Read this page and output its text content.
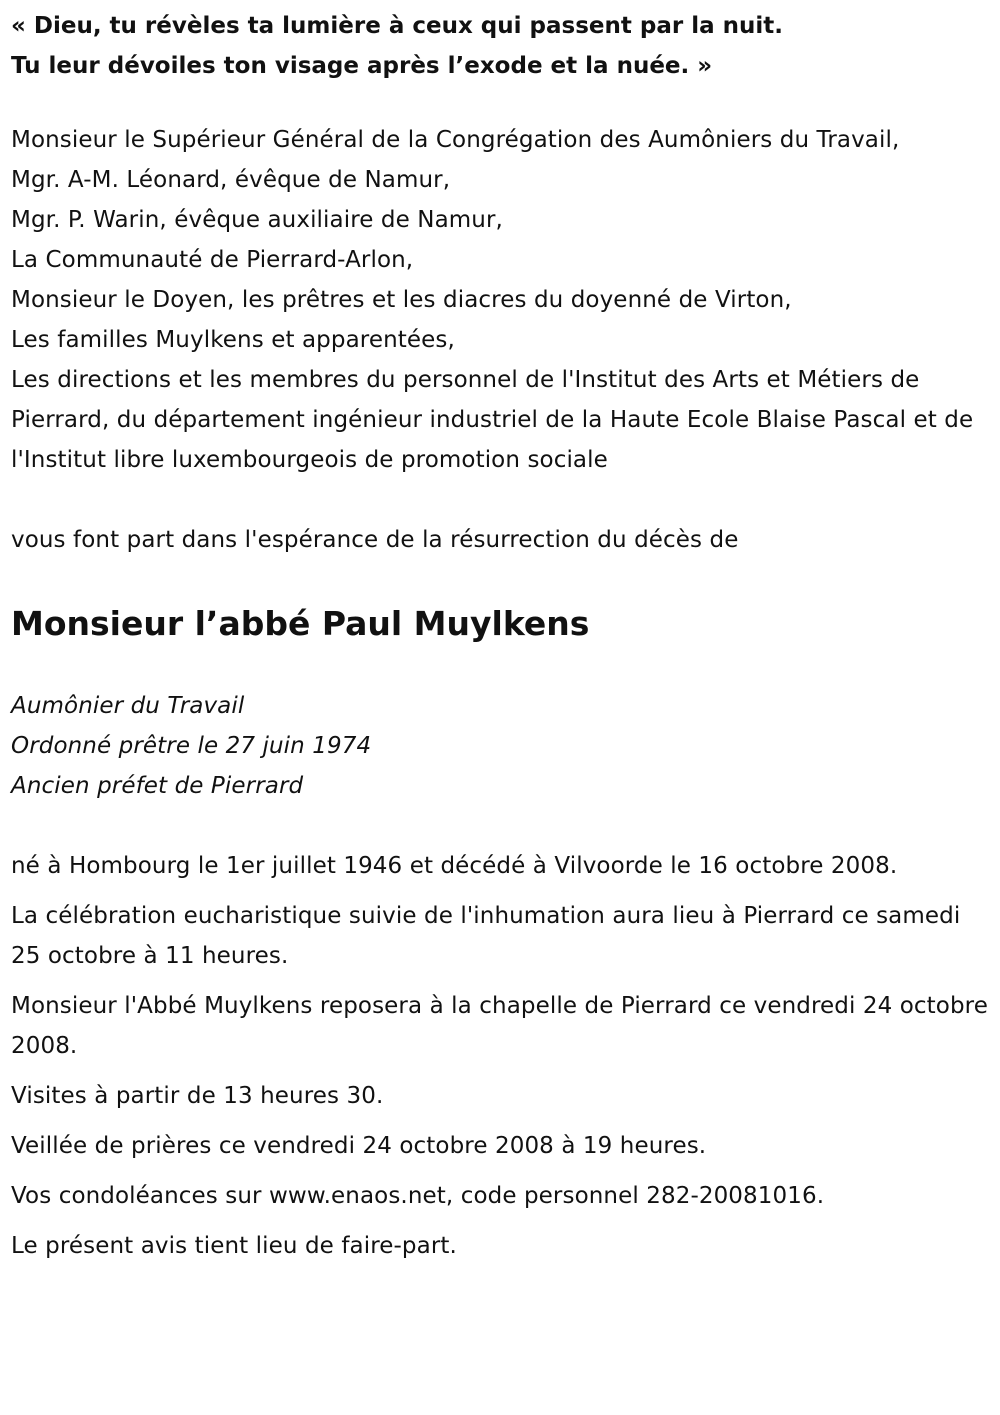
« Dieu, tu révèles ta lumière à ceux qui passent par la nuit.
Tu leur dévoiles ton visage après l’exode et la nuée. »
Monsieur le Supérieur Général de la Congrégation des Aumôniers du Travail,
Mgr. A-M. Léonard, évêque de Namur,
Mgr. P. Warin, évêque auxiliaire de Namur,
La Communauté de Pierrard-Arlon,
Monsieur le Doyen, les prêtres et les diacres du doyenné de Virton,
Les familles Muylkens et apparentées,
Les directions et les membres du personnel de l'Institut des Arts et Métiers de Pierrard, du département ingénieur industriel de la Haute Ecole Blaise Pascal et de l'Institut libre luxembourgeois de promotion sociale
vous font part dans l'espérance de la résurrection du décès de
Monsieur l’abbé Paul Muylkens
Aumônier du Travail
Ordonné prêtre le 27 juin 1974
Ancien préfet de Pierrard
né à Hombourg le 1er juillet 1946 et décédé à Vilvoorde le 16 octobre 2008.
La célébration eucharistique suivie de l'inhumation aura lieu à Pierrard ce samedi 25 octobre à 11 heures.
Monsieur l'Abbé Muylkens reposera à la chapelle de Pierrard ce vendredi 24 octobre 2008.
Visites à partir de 13 heures 30.
Veillée de prières ce vendredi 24 octobre 2008 à 19 heures.
Vos condoléances sur www.enaos.net, code personnel 282-20081016.
Le présent avis tient lieu de faire-part.
